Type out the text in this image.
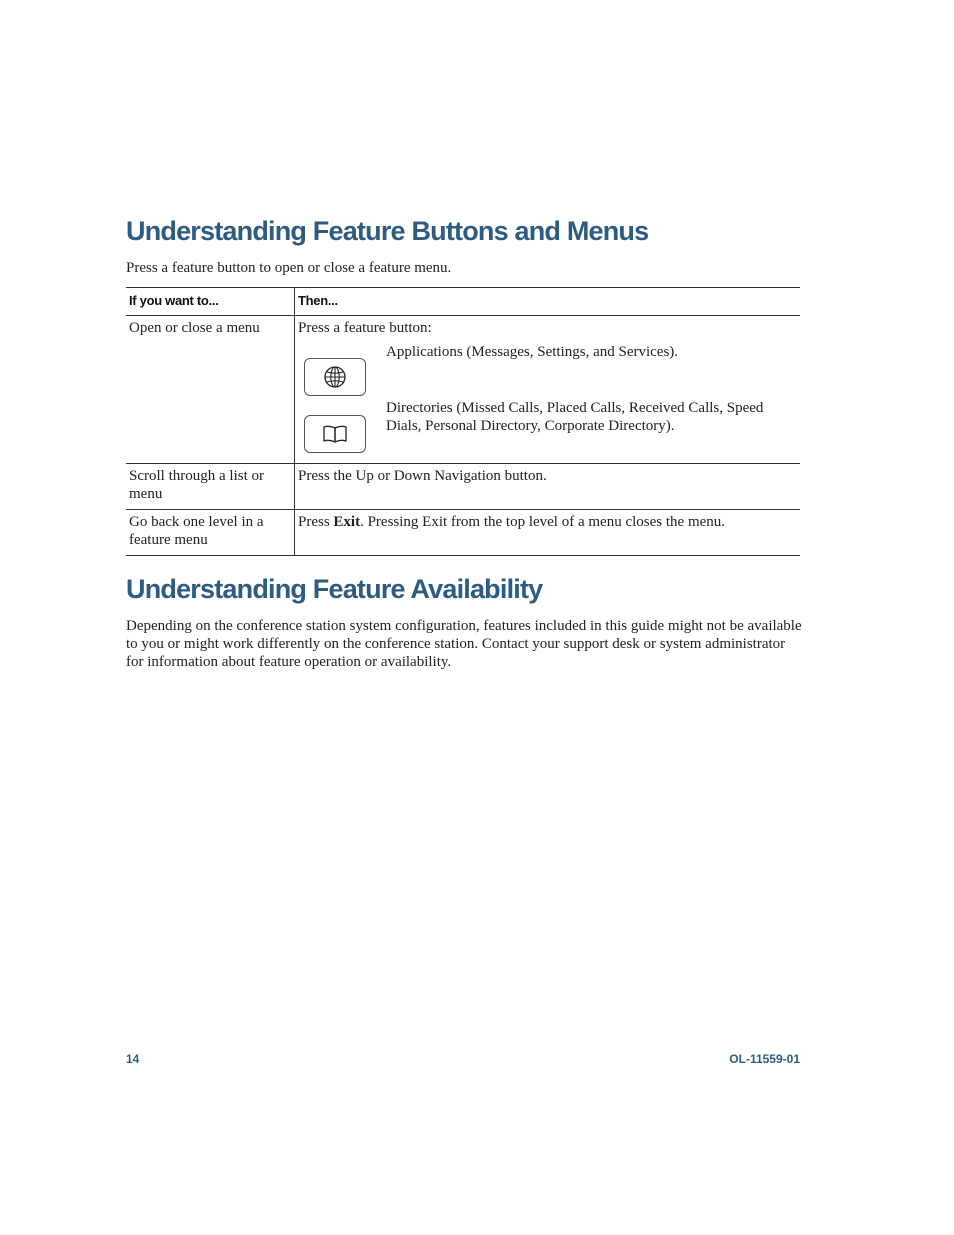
Understanding Feature Buttons and Menus

Press a feature button to open or close a feature menu.

If you want to...	Then...
Open or close a menu	Press a feature button:
Applications (Messages, Settings, and Services).
Directories (Missed Calls, Placed Calls, Received Calls, Speed Dials, Personal Directory, Corporate Directory).

Scroll through a list or menu	Press the Up or Down Navigation button.
Go back one level in a feature menu	Press Exit. Pressing Exit from the top level of a menu closes the menu.
Understanding Feature Availability

Depending on the conference station system configuration, features included in this guide might not be available to you or might work differently on the conference station. Contact your support desk or system administrator for information about feature operation or availability.

14	OL-11559-01
